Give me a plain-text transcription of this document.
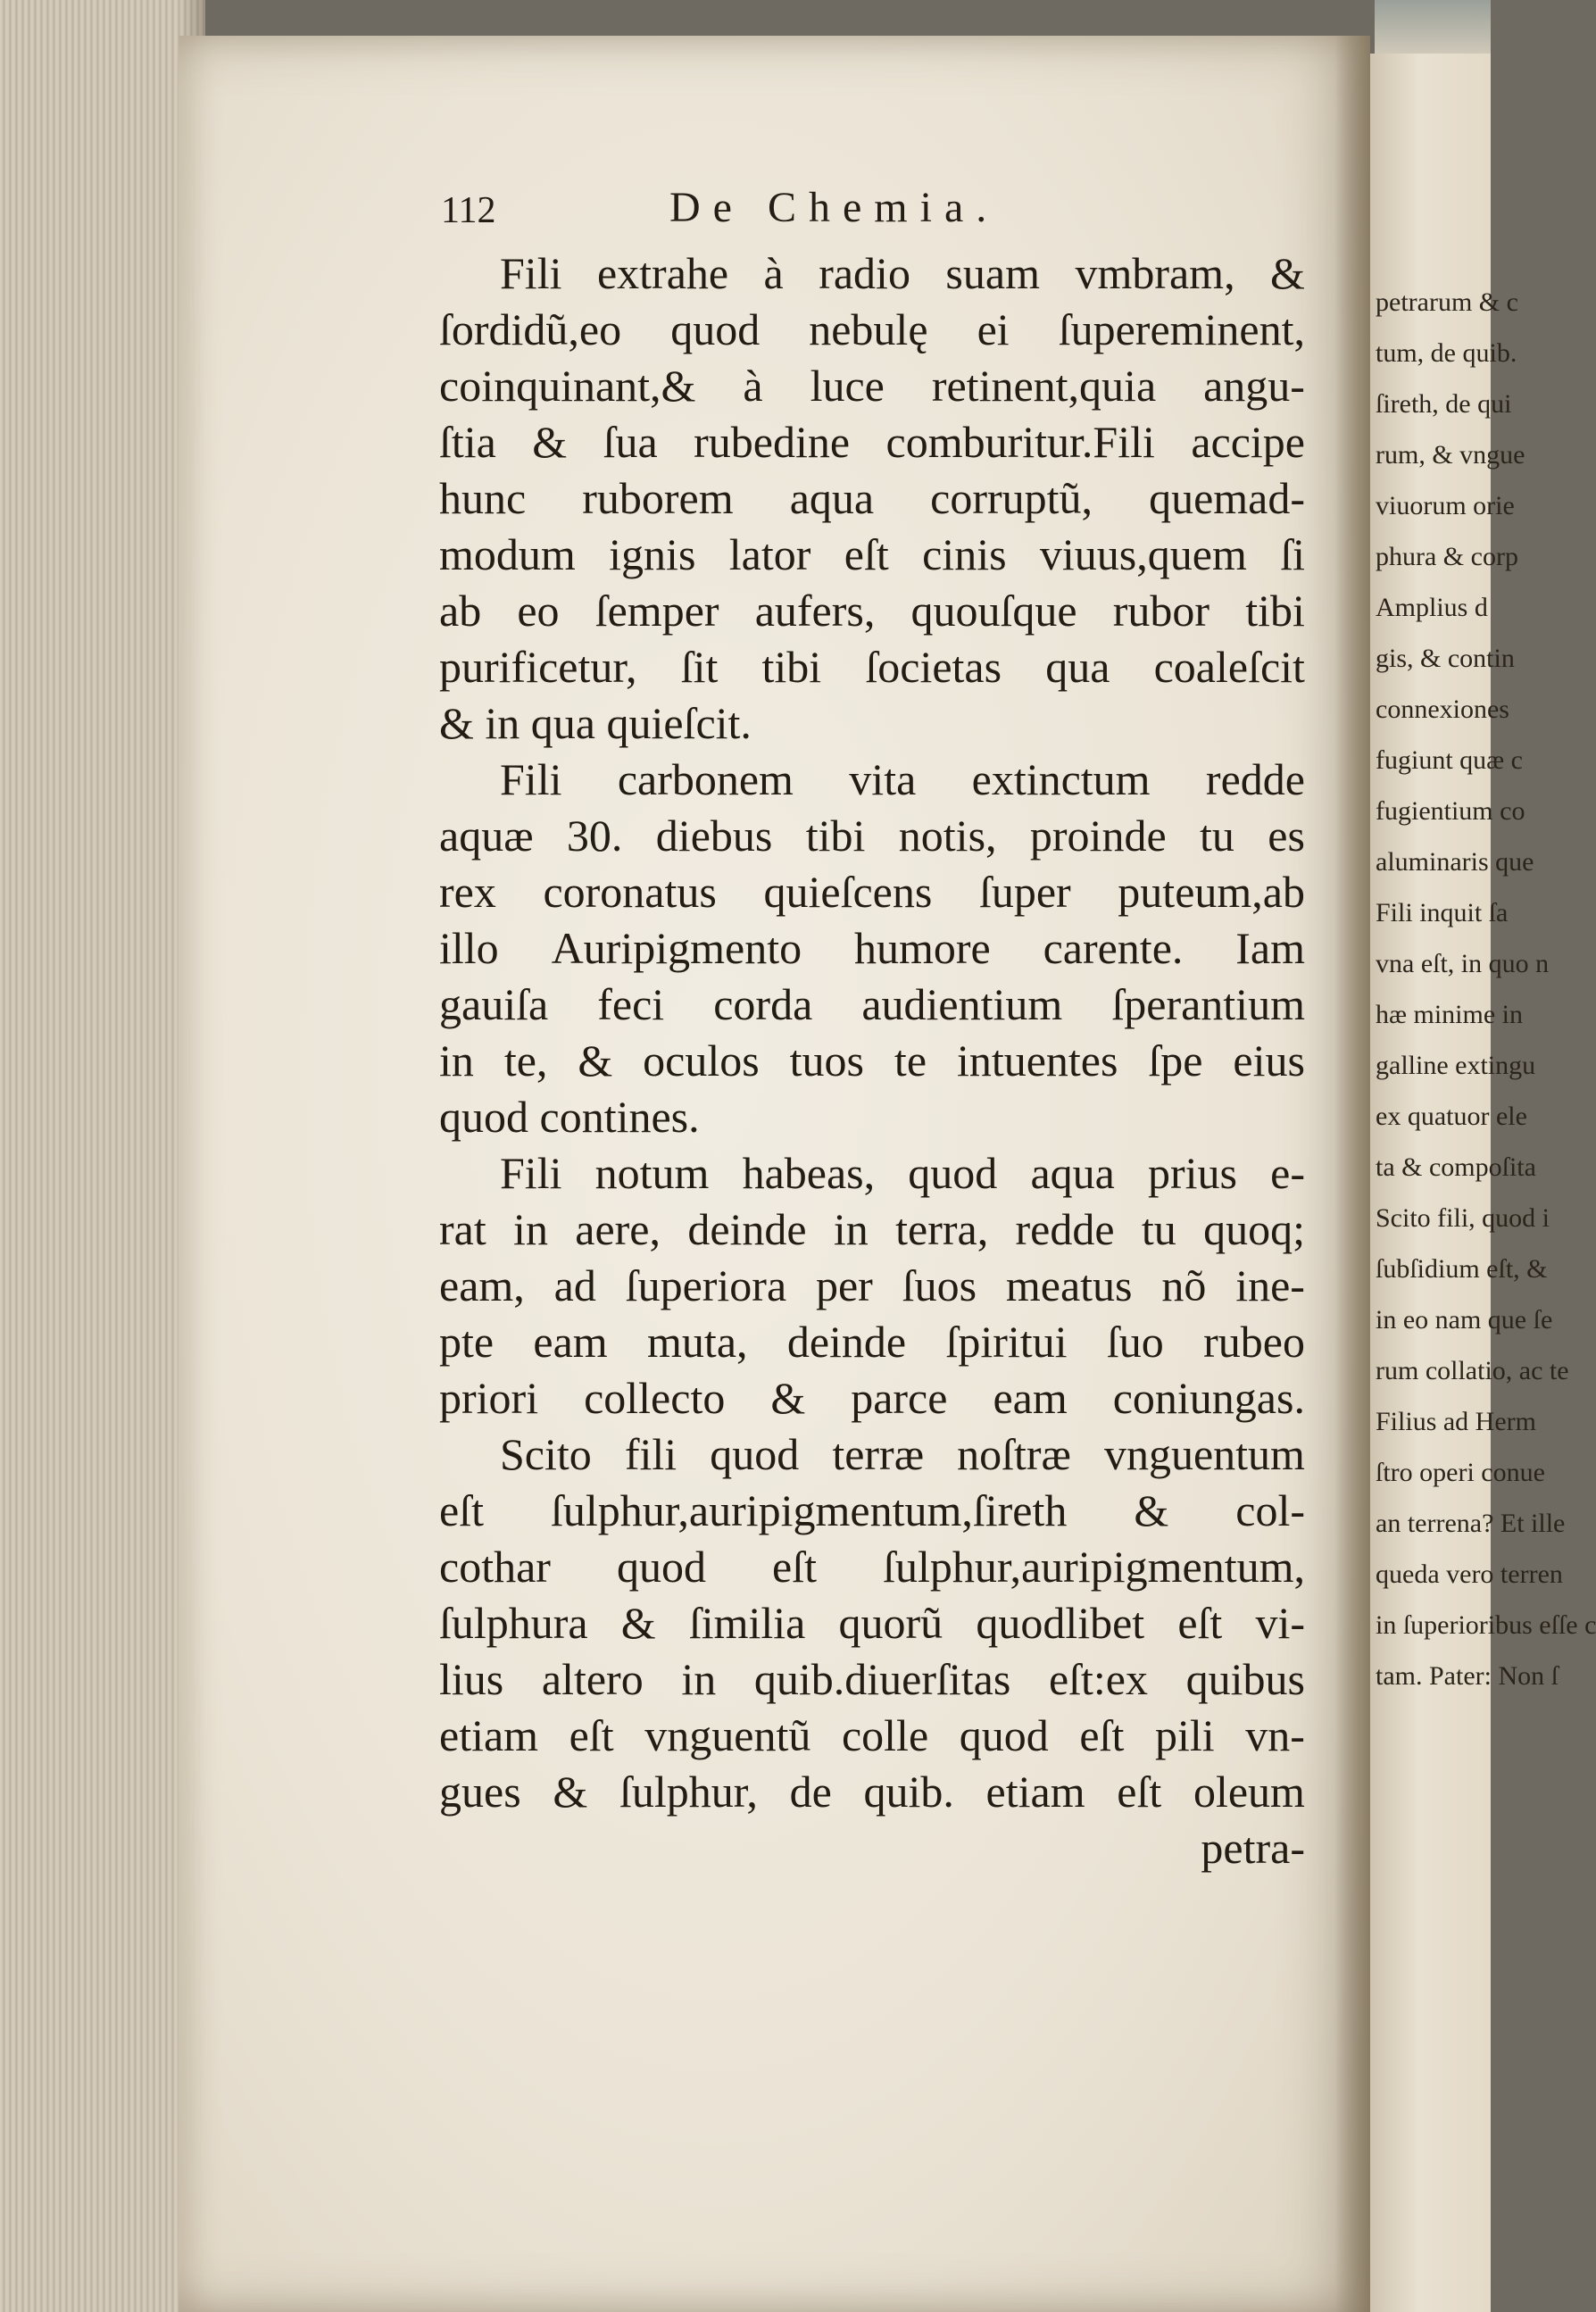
petrarum & c
tum, de quib.
ſireth, de qui
rum, & vngue
viuorum orie
phura & corp
Amplius d
gis, & contin
connexiones
fugiunt quæ c
fugientium co
aluminaris que
Fili inquit ſa
vna eſt, in quo n
hæ minime in
galline extingu
ex quatuor ele
ta & compoſita
Scito fili, quod i
ſubſidium eſt, &
in eo nam que ſe
rum collatio, ac te
Filius ad Herm
ſtro operi conue
an terrena? Et ille
queda vero terren
in ſuperioribus eſſe c
tam. Pater: Non ſ
De Chemia.
112
Fili extrahe à radio suam vmbram, &
ſordidũ,eo quod nebulę ei ſupereminent,
coinquinant,& à luce retinent,quia angu-
ſtia & ſua rubedine comburitur.Fili accipe
hunc ruborem aqua corruptũ, quemad-
modum ignis lator eſt cinis viuus,quem ſi
ab eo ſemper aufers, quouſque rubor tibi
purificetur, ſit tibi ſocietas qua coaleſcit
& in qua quieſcit.
Fili carbonem vita extinctum redde
aquæ 30. diebus tibi notis, proinde tu es
rex coronatus quieſcens ſuper puteum,ab
illo Auripigmento humore carente. Iam
gauiſa feci corda audientium ſperantium
in te, & oculos tuos te intuentes ſpe eius
quod contines.
Fili notum habeas, quod aqua prius e-
rat in aere, deinde in terra, redde tu quoq;
eam, ad ſuperiora per ſuos meatus nõ ine-
pte eam muta, deinde ſpiritui ſuo rubeo
priori collecto & parce eam coniungas.
Scito fili quod terræ noſtræ vnguentum
eſt ſulphur,auripigmentum,ſireth & col-
cothar quod eſt ſulphur,auripigmentum,
ſulphura & ſimilia quorũ quodlibet eſt vi-
lius altero in quib.diuerſitas eſt:ex quibus
etiam eſt vnguentũ colle quod eſt pili vn-
gues & ſulphur, de quib. etiam eſt oleum
petra-
